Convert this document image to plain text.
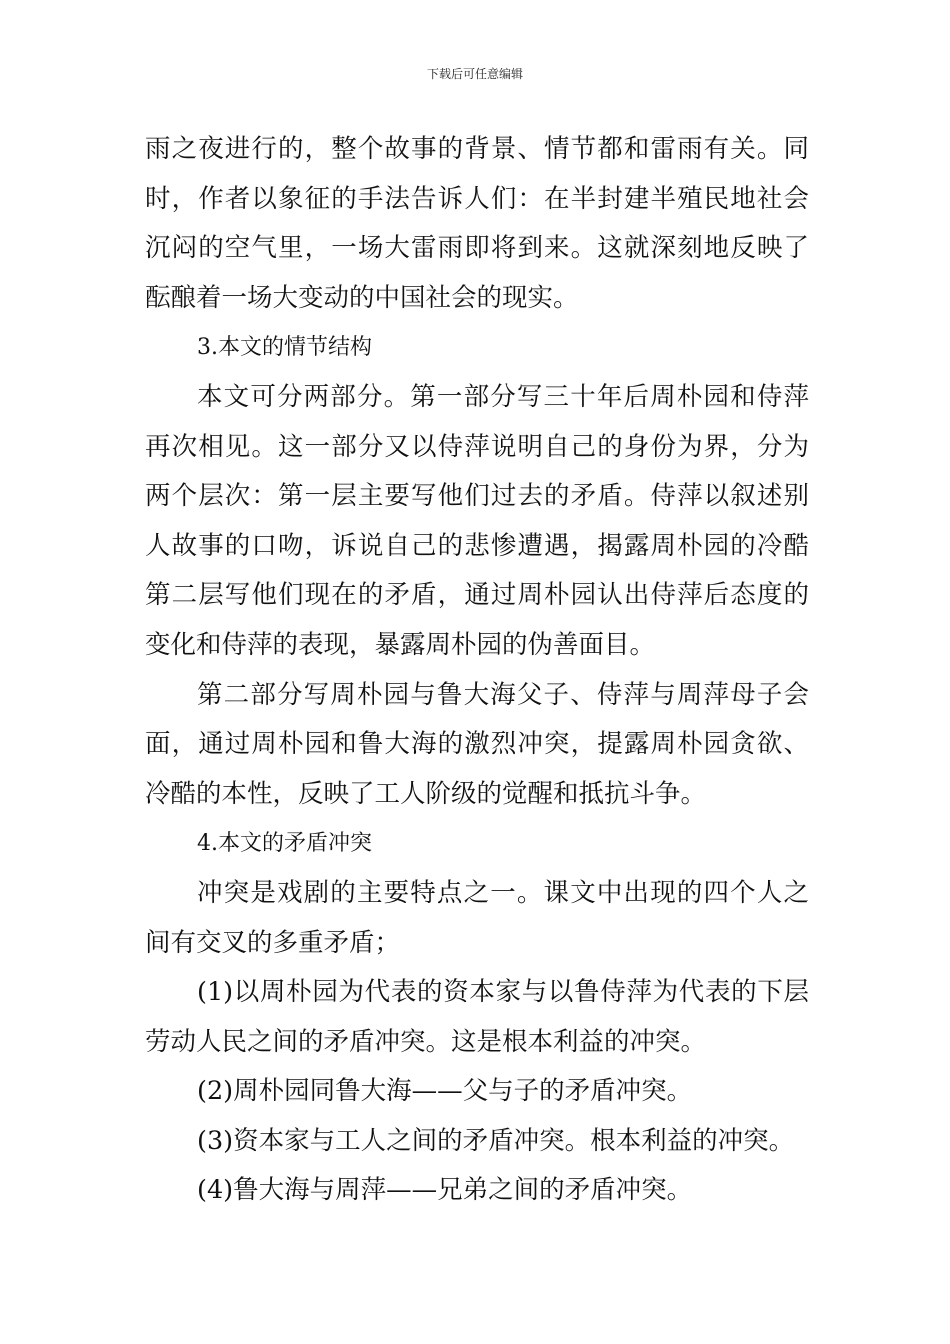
下载后可任意编辑
雨之夜进行的，整个故事的背景、情节都和雷雨有关。同
时，作者以象征的手法告诉人们：在半封建半殖民地社会
沉闷的空气里，一场大雷雨即将到来。这就深刻地反映了
酝酿着一场大变动的中国社会的现实。
3.本文的情节结构
本文可分两部分。第一部分写三十年后周朴园和侍萍
再次相见。这一部分又以侍萍说明自己的身份为界，分为
两个层次：第一层主要写他们过去的矛盾。侍萍以叙述别
人故事的口吻，诉说自己的悲惨遭遇，揭露周朴园的冷酷
第二层写他们现在的矛盾，通过周朴园认出侍萍后态度的
变化和侍萍的表现，暴露周朴园的伪善面目。
第二部分写周朴园与鲁大海父子、侍萍与周萍母子会
面，通过周朴园和鲁大海的激烈冲突，提露周朴园贪欲、
冷酷的本性，反映了工人阶级的觉醒和抵抗斗争。
4.本文的矛盾冲突
冲突是戏剧的主要特点之一。课文中出现的四个人之
间有交叉的多重矛盾；
(1)以周朴园为代表的资本家与以鲁侍萍为代表的下层
劳动人民之间的矛盾冲突。这是根本利益的冲突。
(2)周朴园同鲁大海——父与子的矛盾冲突。
(3)资本家与工人之间的矛盾冲突。根本利益的冲突。
(4)鲁大海与周萍——兄弟之间的矛盾冲突。
